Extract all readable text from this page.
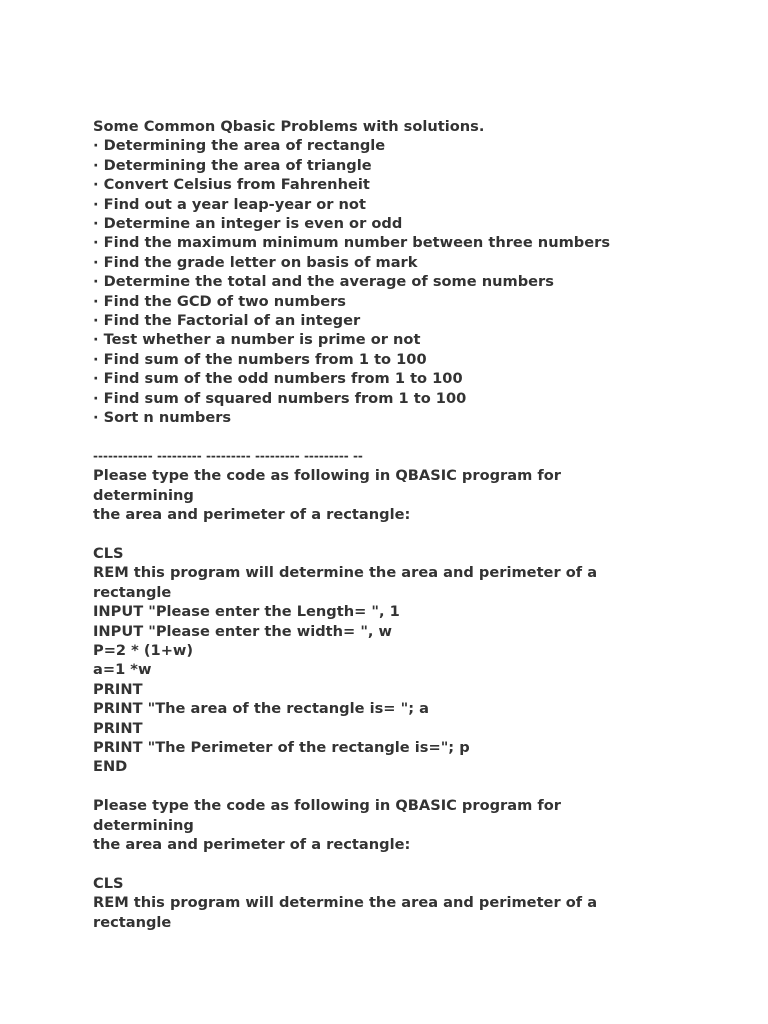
Some Common Qbasic Problems with solutions.
· Determining the area of rectangle
· Determining the area of triangle
· Convert Celsius from Fahrenheit
· Find out a year leap-year or not
· Determine an integer is even or odd
· Find the maximum minimum number between three numbers
· Find the grade letter on basis of mark
· Determine the total and the average of some numbers
· Find the GCD of two numbers
· Find the Factorial of an integer
· Test whether a number is prime or not
· Find sum of the numbers from 1 to 100
· Find sum of the odd numbers from 1 to 100
· Find sum of squared numbers from 1 to 100
· Sort n numbers
------------ --------- --------- --------- --------- --
Please type the code as following in QBASIC program for
determining
the area and perimeter of a rectangle:
CLS
REM this program will determine the area and perimeter of a
rectangle
INPUT "Please enter the Length= ", 1
INPUT "Please enter the width= ", w
P=2 * (1+w)
a=1 *w
PRINT
PRINT "The area of the rectangle is= "; a
PRINT
PRINT "The Perimeter of the rectangle is="; p
END
Please type the code as following in QBASIC program for
determining
the area and perimeter of a rectangle:
CLS
REM this program will determine the area and perimeter of a
rectangle
